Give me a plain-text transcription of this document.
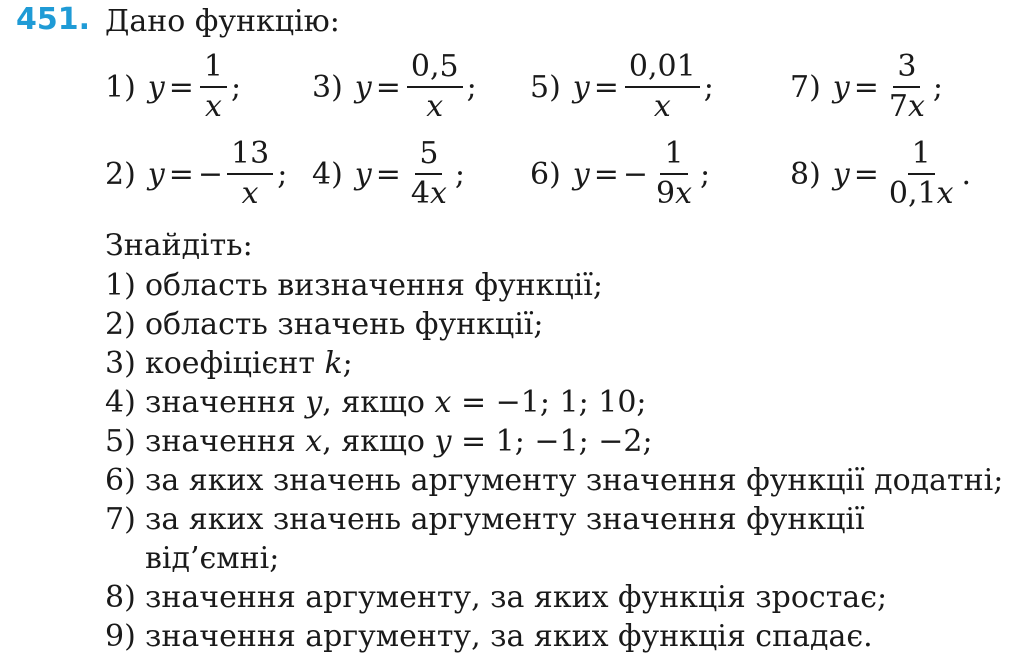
451. Дано функцію:
1) $y = \frac{1}{x}$ ; 3) $y = \frac{0,5}{x}$ ; 5) $y = \frac{0,01}{x}$ ;	7) $y = \frac{3}{7x}$ ;
2) y = − $\frac{13}{x}$ ; 4) $y = \frac{5}{4x}$ ; 6) y = − $\frac{1}{9x}$ ;	8) $y = \frac{1}{0,1x}$ .
Знайдіть:
1) область визначення функції;
2) область значень функції;
3) коефіцієнт k;
4) значення y, якщо x = −1; 1; 10;
5) значення x, якщо y = 1; −1; −2;
6) за яких значень аргументу значення функції додатні;
7) за яких значень аргументу значення функції
від’ємні;
8) значення аргументу, за яких функція зростає;
9) значення аргументу, за яких функція спадає.
